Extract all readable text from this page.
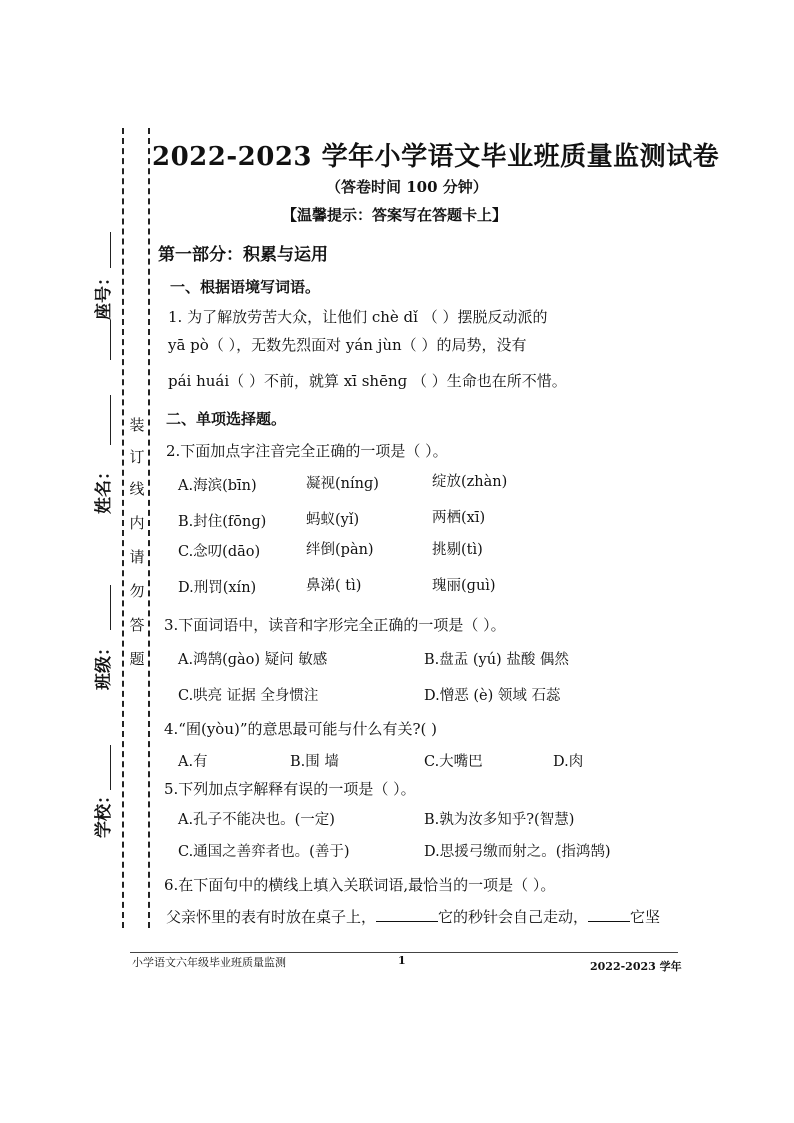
座号：
姓名：
班级：
学校：
装
订
线
内
请
勿
答
题
2022-2023 学年小学语文毕业班质量监测试卷
（答卷时间 100 分钟）
【温馨提示：答案写在答题卡上】
第一部分：积累与运用
一、根据语境写词语。
1. 为了解放劳苦大众，让他们 chè dǐ （ ）摆脱反动派的
yā pò（ ），无数先烈面对 yán jùn（ ）的局势，没有
pái huái（ ）不前，就算 xī shēnɡ （ ）生命也在所不惜。
二、单项选择题。
2.下面加点字注音完全正确的一项是（ ）。
A.海滨(bīn)	凝视(nínɡ)	绽放(zhàn)
B.封住(fōnɡ)	蚂蚁(yǐ)	两栖(xī)
C.念叨(dāo)	绊倒(pàn)	挑剔(tì)
D.刑罚(xín)	鼻涕( tì)	瑰丽(ɡuì)
3.下面词语中，读音和字形完全正确的一项是（ ）。
A.鸿鹄(ɡào) 疑问 敏感	B.盘盂 (yú) 盐酸 偶然
C.哄亮 证据 全身惯注	D.憎恶 (è) 领域 石蕊
4.“囿(yòu)”的意思最可能与什么有关?( )
A.有	B.围 墙	C.大嘴巴	D.肉
5.下列加点字解释有误的一项是（ ）。
A.孔子不能决也。(一定)	B.孰为汝多知乎?(智慧)
C.通国之善弈者也。(善于)	D.思援弓缴而射之。(指鸿鹄)
6.在下面句中的横线上填入关联词语,最恰当的一项是（ ）。
父亲怀里的表有时放在桌子上，	它的秒针会自己走动，	它坚
小学语文六年级毕业班质量监测	1	2022-2023 学年
